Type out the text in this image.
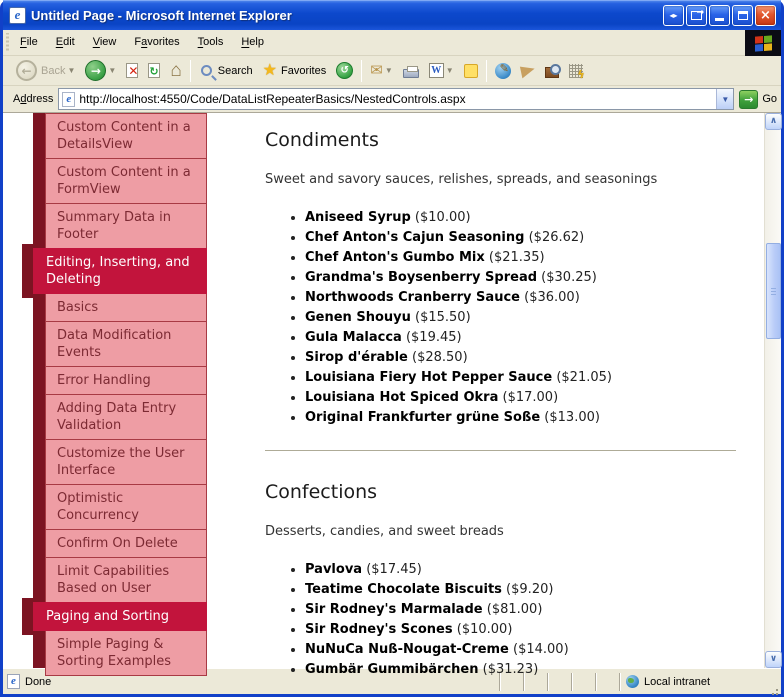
e Untitled Page - Microsoft Internet Explorer	◂▸ →	×
File	Edit	View	Favorites	Tools	Help
← Back ▼	→ ▼ ✕ ↻ ⌂	Search ★ Favorites	↺ ✉ ▼	W ▼
✎
ϟ
Address	e http://localhost:4550/Code/DataListRepeaterBasics/NestedControls.aspx	▼	→ Go
Custom Content in a DetailsView
Custom Content in a FormView
Summary Data in Footer
Editing, Inserting, and Deleting
Basics
Data Modification Events
Error Handling
Adding Data Entry Validation
Customize the User Interface
Optimistic Concurrency
Confirm On Delete
Limit Capabilities Based on User
Paging and Sorting
Simple Paging & Sorting Examples
Condiments

Sweet and savory sauces, relishes, spreads, and seasonings

• Aniseed Syrup ( $10.00 )
• Chef Anton's Cajun Seasoning ( $26.62 )
• Chef Anton's Gumbo Mix ( $21.35 )
• Grandma's Boysenberry Spread ( $30.25 )
• Northwoods Cranberry Sauce ( $36.00 )
• Genen Shouyu ( $15.50 )
• Gula Malacca ( $19.45 )
• Sirop d'érable ( $28.50 )
• Louisiana Fiery Hot Pepper Sauce ( $21.05 )
• Louisiana Hot Spiced Okra ( $17.00 )
• Original Frankfurter grüne Soße ( $13.00 )
Confections

Desserts, candies, and sweet breads

• Pavlova ( $17.45 )
• Teatime Chocolate Biscuits ( $9.20 )
• Sir Rodney's Marmalade ( $81.00 )
• Sir Rodney's Scones ( $10.00 )
• NuNuCa Nuß-Nougat-Creme ( $14.00 )
• Gumbär Gummibärchen ( $31.23 )
∧
∨
e Done	Local intranet
